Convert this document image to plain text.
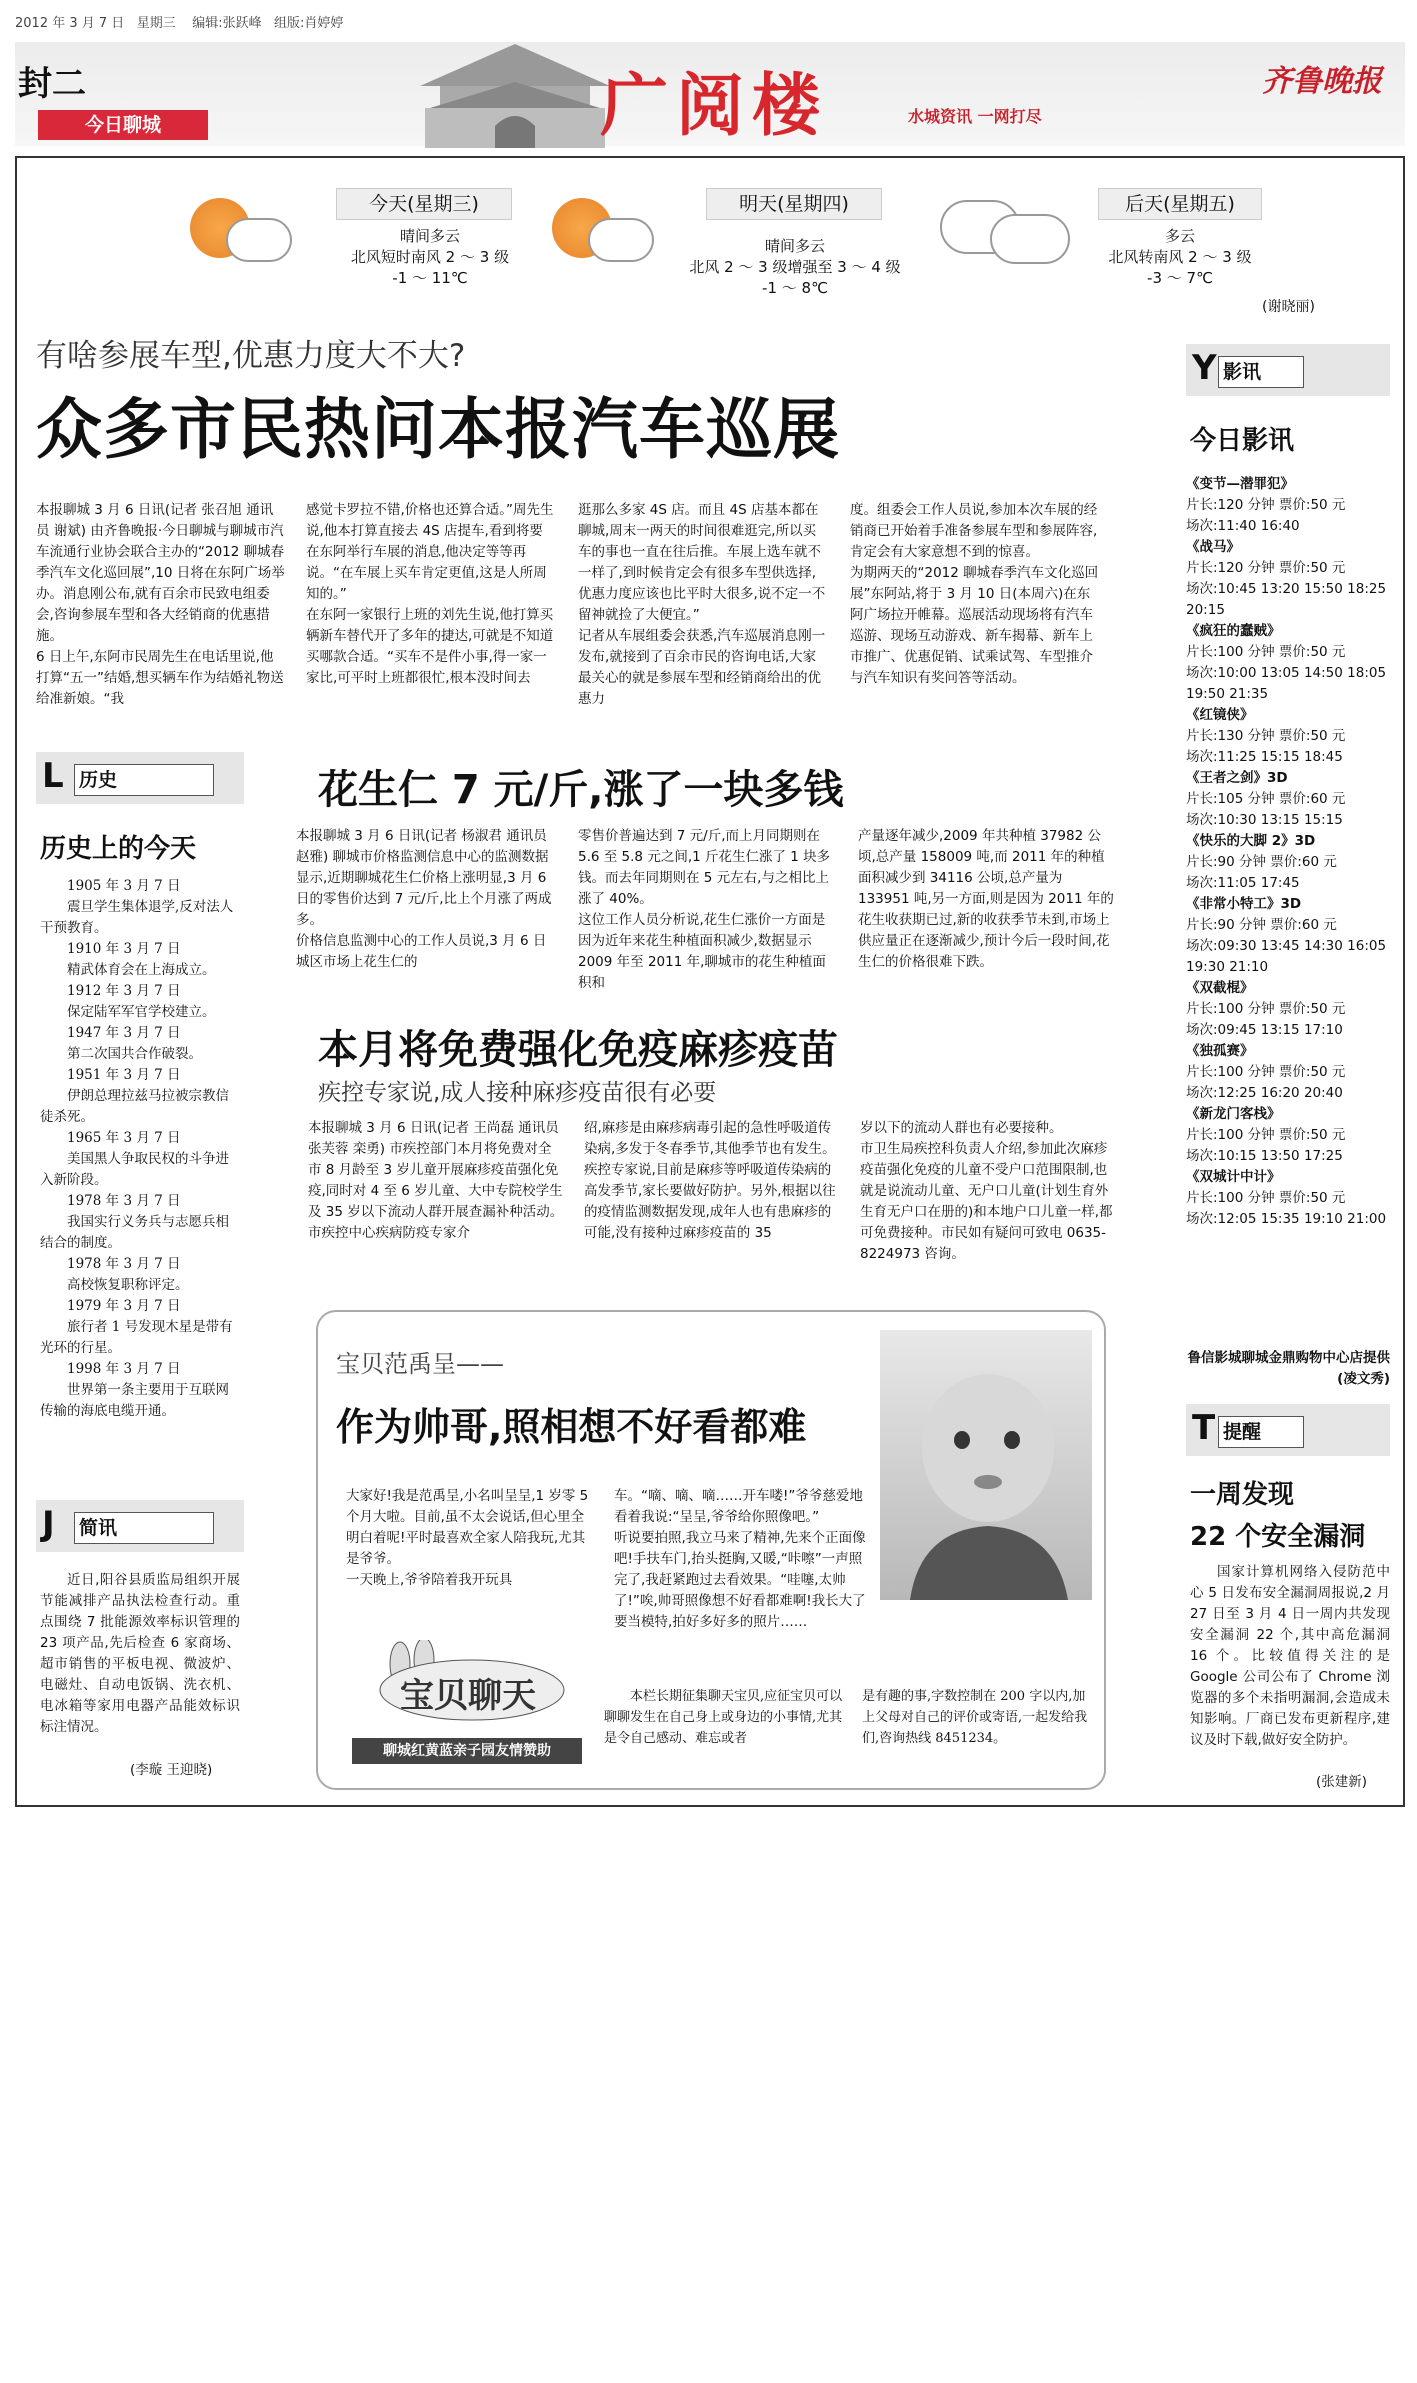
2012 年 3 月 7 日 星期三 编辑:张跃峰 组版:肖婷婷
封二
今日聊城	广阅楼	水城资讯 一网打尽
齐鲁晚报
今天(星期三)
晴间多云
北风短时南风 2 ～ 3 级
-1 ～ 11℃
明天(星期四)
晴间多云
北风 2 ～ 3 级增强至 3 ～ 4 级
-1 ～ 8℃
后天(星期五)
多云
北风转南风 2 ～ 3 级
-3 ～ 7℃
(谢晓丽)
有啥参展车型,优惠力度大不大?
众多市民热问本报汽车巡展
本报聊城 3 月 6 日讯(记者 张召旭 通讯员 谢斌) 由齐鲁晚报·今日聊城与聊城市汽车流通行业协会联合主办的“2012 聊城春季汽车文化巡回展”,10 日将在东阿广场举办。消息刚公布,就有百余市民致电组委会,咨询参展车型和各大经销商的优惠措施。
6 日上午,东阿市民周先生在电话里说,他打算“五一”结婚,想买辆车作为结婚礼物送给准新娘。“我
感觉卡罗拉不错,价格也还算合适。”周先生说,他本打算直接去 4S 店提车,看到将要在东阿举行车展的消息,他决定等等再说。“在车展上买车肯定更值,这是人所周知的。”
在东阿一家银行上班的刘先生说,他打算买辆新车替代开了多年的捷达,可就是不知道买哪款合适。“买车不是件小事,得一家一家比,可平时上班都很忙,根本没时间去
逛那么多家 4S 店。而且 4S 店基本都在聊城,周末一两天的时间很难逛完,所以买车的事也一直在往后推。车展上选车就不一样了,到时候肯定会有很多车型供选择,优惠力度应该也比平时大很多,说不定一不留神就捡了大便宜。”
记者从车展组委会获悉,汽车巡展消息刚一发布,就接到了百余市民的咨询电话,大家最关心的就是参展车型和经销商给出的优惠力
度。组委会工作人员说,参加本次车展的经销商已开始着手准备参展车型和参展阵容,肯定会有大家意想不到的惊喜。
为期两天的“2012 聊城春季汽车文化巡回展”东阿站,将于 3 月 10 日(本周六)在东阿广场拉开帷幕。巡展活动现场将有汽车巡游、现场互动游戏、新车揭幕、新车上市推广、优惠促销、试乘试驾、车型推介与汽车知识有奖问答等活动。
L 历史
历史上的今天

1905 年 3 月 7 日

震旦学生集体退学,反对法人干预教育。

1910 年 3 月 7 日

精武体育会在上海成立。

1912 年 3 月 7 日

保定陆军军官学校建立。

1947 年 3 月 7 日

第二次国共合作破裂。

1951 年 3 月 7 日

伊朗总理拉兹马拉被宗教信徒杀死。

1965 年 3 月 7 日

美国黑人争取民权的斗争进入新阶段。

1978 年 3 月 7 日

我国实行义务兵与志愿兵相结合的制度。

1978 年 3 月 7 日

高校恢复职称评定。

1979 年 3 月 7 日

旅行者 1 号发现木星是带有光环的行星。

1998 年 3 月 7 日

世界第一条主要用于互联网传输的海底电缆开通。

J 简讯

近日,阳谷县质监局组织开展节能减排产品执法检查行动。重点围绕 7 批能源效率标识管理的 23 项产品,先后检查 6 家商场、超市销售的平板电视、微波炉、电磁灶、自动电饭锅、洗衣机、电冰箱等家用电器产品能效标识标注情况。

(李璇 王迎晓)
花生仁 7 元/斤,涨了一块多钱
本报聊城 3 月 6 日讯(记者 杨淑君 通讯员 赵雅) 聊城市价格监测信息中心的监测数据显示,近期聊城花生仁价格上涨明显,3 月 6 日的零售价达到 7 元/斤,比上个月涨了两成多。
价格信息监测中心的工作人员说,3 月 6 日城区市场上花生仁的
零售价普遍达到 7 元/斤,而上月同期则在 5.6 至 5.8 元之间,1 斤花生仁涨了 1 块多钱。而去年同期则在 5 元左右,与之相比上涨了 40%。
这位工作人员分析说,花生仁涨价一方面是因为近年来花生种植面积减少,数据显示 2009 年至 2011 年,聊城市的花生种植面积和
产量逐年减少,2009 年共种植 37982 公顷,总产量 158009 吨,而 2011 年的种植面积减少到 34116 公顷,总产量为 133951 吨,另一方面,则是因为 2011 年的花生收获期已过,新的收获季节未到,市场上供应量正在逐渐减少,预计今后一段时间,花生仁的价格很难下跌。
本月将免费强化免疫麻疹疫苗
疾控专家说,成人接种麻疹疫苗很有必要
本报聊城 3 月 6 日讯(记者 王尚磊 通讯员 张芙蓉 栾勇) 市疾控部门本月将免费对全市 8 月龄至 3 岁儿童开展麻疹疫苗强化免疫,同时对 4 至 6 岁儿童、大中专院校学生及 35 岁以下流动人群开展查漏补种活动。
市疾控中心疾病防疫专家介
绍,麻疹是由麻疹病毒引起的急性呼吸道传染病,多发于冬春季节,其他季节也有发生。
疾控专家说,目前是麻疹等呼吸道传染病的高发季节,家长要做好防护。另外,根据以往的疫情监测数据发现,成年人也有患麻疹的可能,没有接种过麻疹疫苗的 35
岁以下的流动人群也有必要接种。
市卫生局疾控科负责人介绍,参加此次麻疹疫苗强化免疫的儿童不受户口范围限制,也就是说流动儿童、无户口儿童(计划生育外生育无户口在册的)和本地户口儿童一样,都可免费接种。市民如有疑问可致电 0635-8224973 咨询。
宝贝范禹呈——
作为帅哥,照相想不好看都难
大家好!我是范禹呈,小名叫呈呈,1 岁零 5 个月大啦。目前,虽不太会说话,但心里全明白着呢!平时最喜欢全家人陪我玩,尤其是爷爷。
一天晚上,爷爷陪着我开玩具
车。“嘀、嘀、嘀……开车喽!”爷爷慈爱地看着我说:“呈呈,爷爷给你照像吧。”
听说要拍照,我立马来了精神,先来个正面像吧!手扶车门,抬头挺胸,又暖,“咔嚓”一声照完了,我赶紧跑过去看效果。“哇噻,太帅了!”唉,帅哥照像想不好看都难啊!我长大了要当模特,拍好多好多的照片……
宝贝聊天
聊城红黄蓝亲子园友情赞助
本栏长期征集聊天宝贝,应征宝贝可以聊聊发生在自己身上或身边的小事情,尤其是令自己感动、难忘或者
是有趣的事,字数控制在 200 字以内,加上父母对自己的评价或寄语,一起发给我们,咨询热线 8451234。
Y 影讯
今日影讯
《变节—潜罪犯》
片长:120 分钟 票价:50 元
场次:11:40 16:40
《战马》
片长:120 分钟 票价:50 元
场次:10:45 13:20 15:50 18:25 20:15
《疯狂的蠢贼》
片长:100 分钟 票价:50 元
场次:10:00 13:05 14:50 18:05 19:50 21:35
《红镜侠》
片长:130 分钟 票价:50 元
场次:11:25 15:15 18:45
《王者之剑》3D
片长:105 分钟 票价:60 元
场次:10:30 13:15 15:15
《快乐的大脚 2》3D
片长:90 分钟 票价:60 元
场次:11:05 17:45
《非常小特工》3D
片长:90 分钟 票价:60 元
场次:09:30 13:45 14:30 16:05 19:30 21:10
《双截棍》
片长:100 分钟 票价:50 元
场次:09:45 13:15 17:10
《独孤赛》
片长:100 分钟 票价:50 元
场次:12:25 16:20 20:40
《新龙门客栈》
片长:100 分钟 票价:50 元
场次:10:15 13:50 17:25
《双城计中计》
片长:100 分钟 票价:50 元
场次:12:05 15:35 19:10 21:00
鲁信影城聊城金鼎购物中心店提供 (凌文秀)
T 提醒
一周发现
22 个安全漏洞

国家计算机网络入侵防范中心 5 日发布安全漏洞周报说,2 月 27 日至 3 月 4 日一周内共发现安全漏洞 22 个,其中高危漏洞 16 个。比较值得关注的是 Google 公司公布了 Chrome 浏览器的多个未指明漏洞,会造成未知影响。厂商已发布更新程序,建议及时下载,做好安全防护。

(张建新)
